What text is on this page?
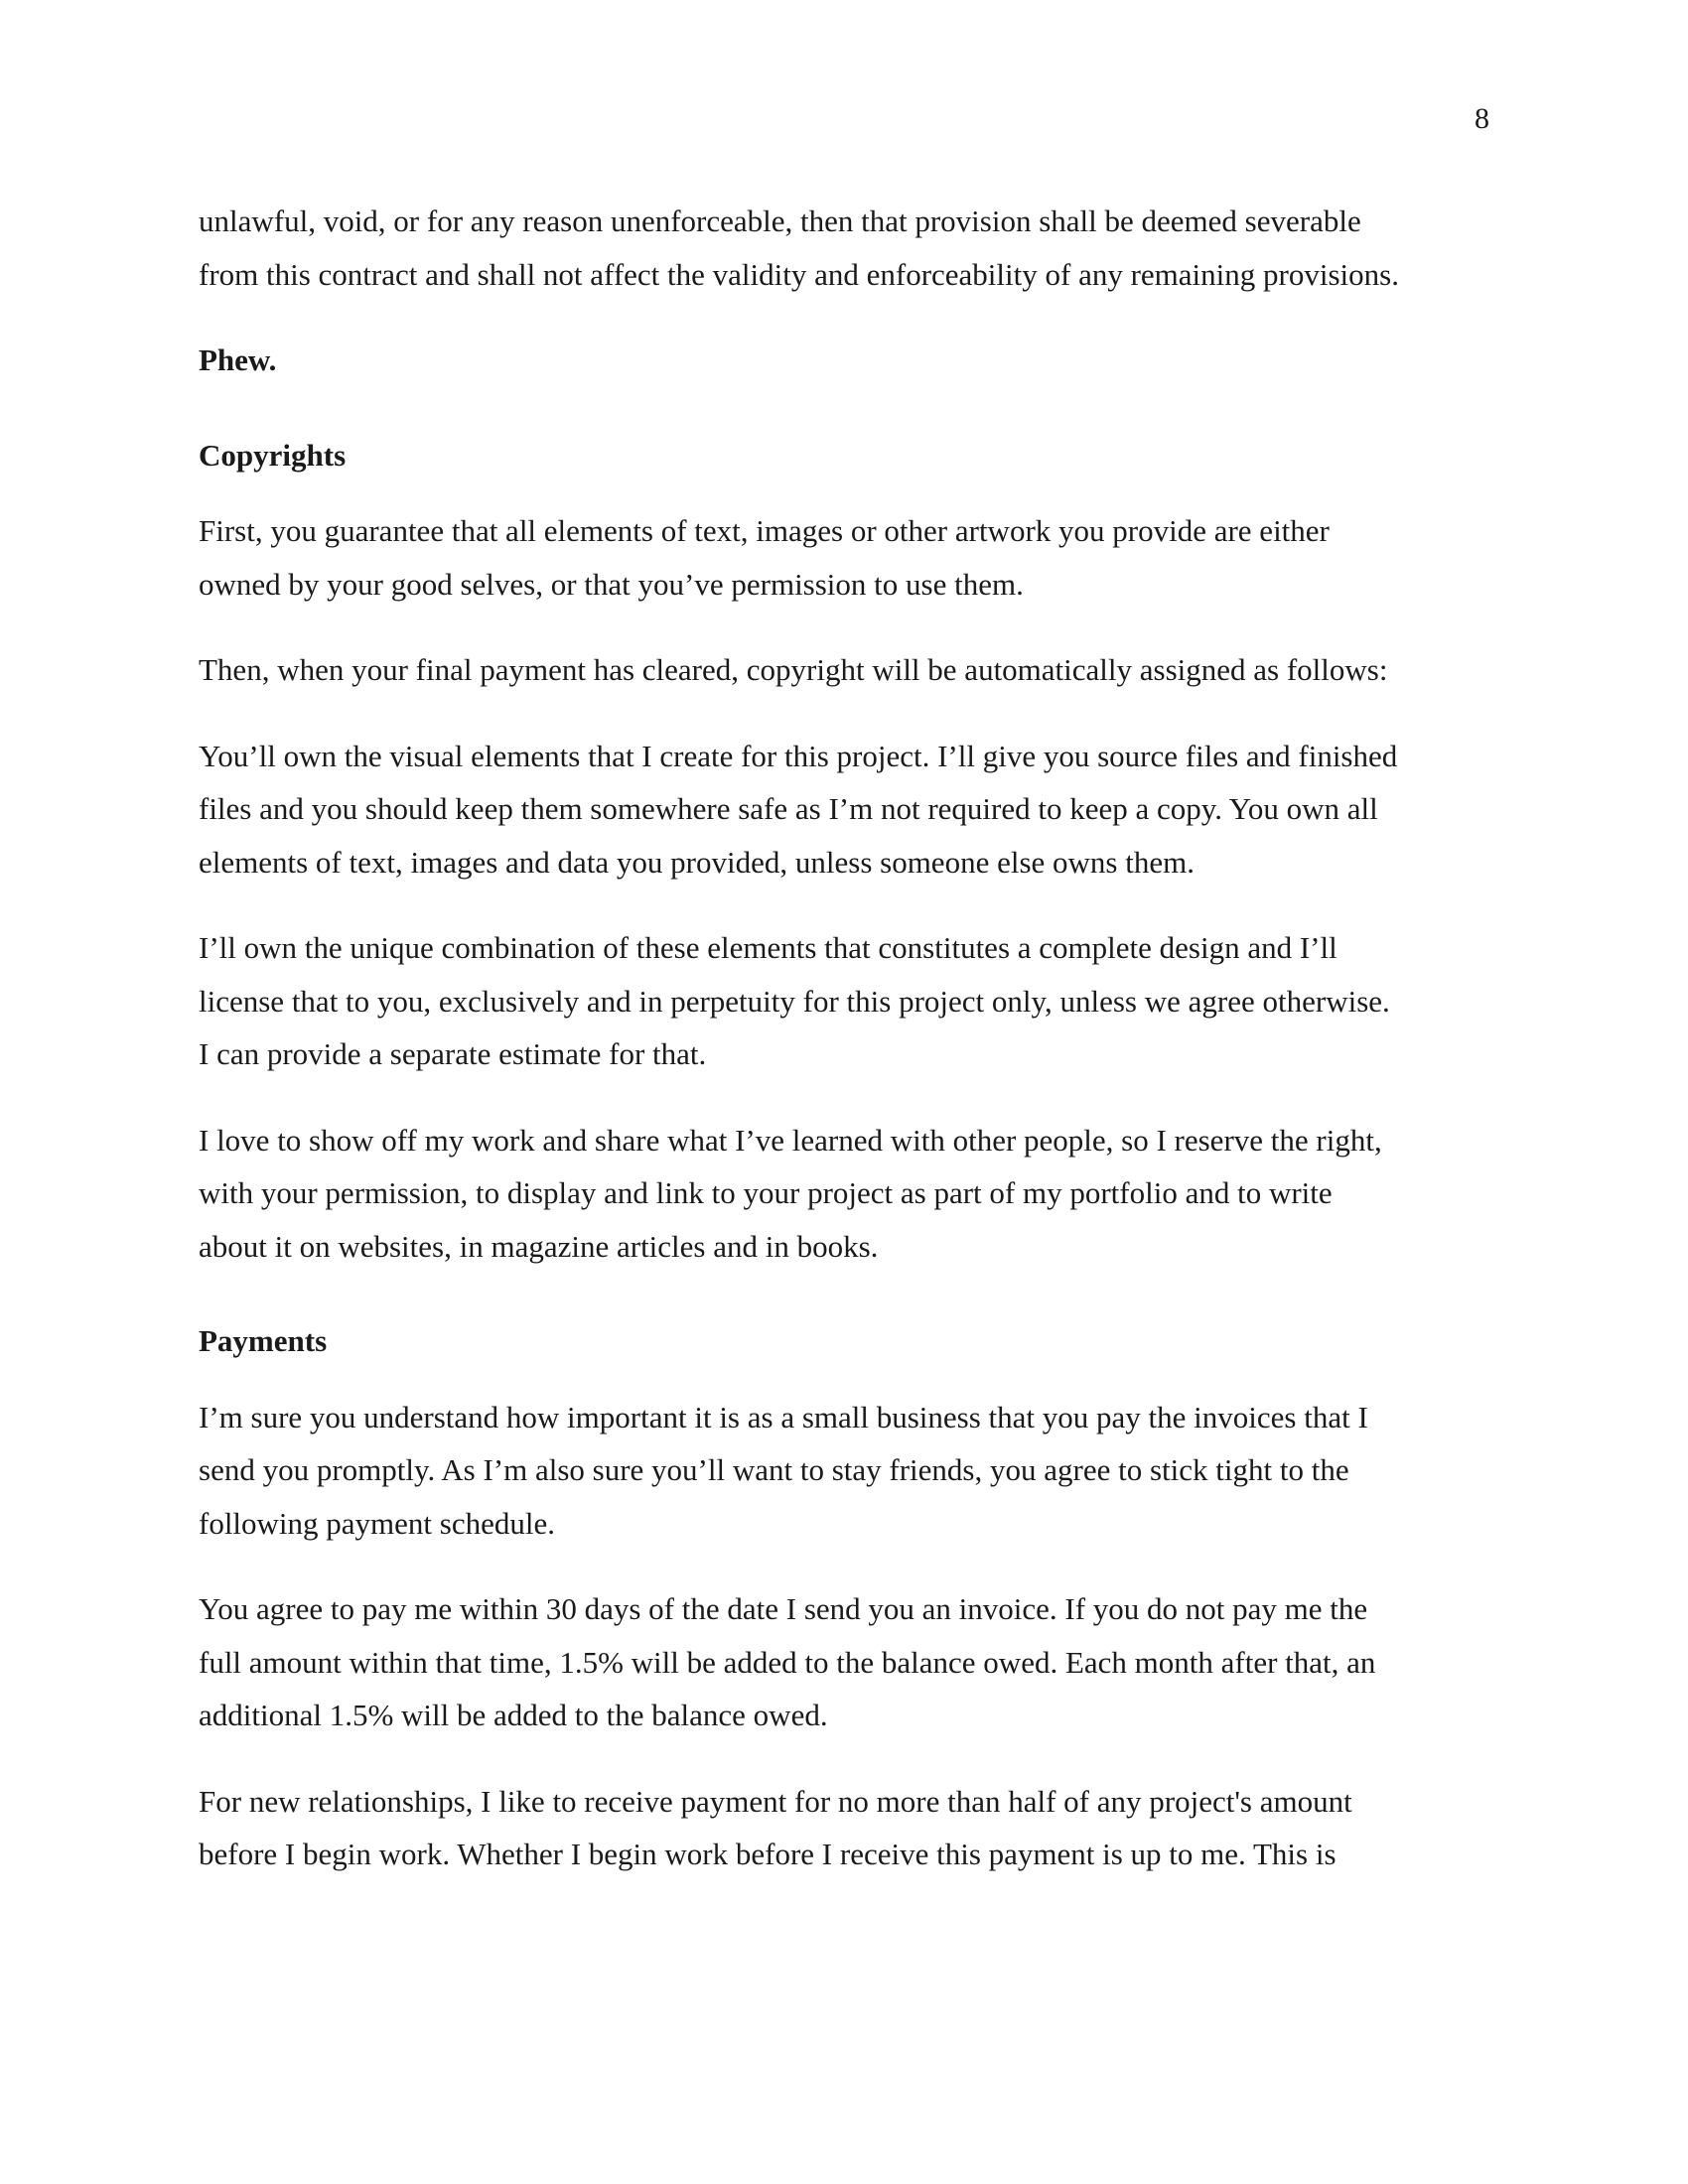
8

unlawful, void, or for any reason unenforceable, then that provision shall be deemed severable
from this contract and shall not affect the validity and enforceability of any remaining provisions.

Phew.

Copyrights

First, you guarantee that all elements of text, images or other artwork you provide are either
owned by your good selves, or that you’ve permission to use them.

Then, when your final payment has cleared, copyright will be automatically assigned as follows:

You’ll own the visual elements that I create for this project. I’ll give you source files and finished
files and you should keep them somewhere safe as I’m not required to keep a copy. You own all
elements of text, images and data you provided, unless someone else owns them.

I’ll own the unique combination of these elements that constitutes a complete design and I’ll
license that to you, exclusively and in perpetuity for this project only, unless we agree otherwise.
I can provide a separate estimate for that.

I love to show off my work and share what I’ve learned with other people, so I reserve the right,
with your permission, to display and link to your project as part of my portfolio and to write
about it on websites, in magazine articles and in books.

Payments

I’m sure you understand how important it is as a small business that you pay the invoices that I
send you promptly. As I’m also sure you’ll want to stay friends, you agree to stick tight to the
following payment schedule.

You agree to pay me within 30 days of the date I send you an invoice. If you do not pay me the
full amount within that time, 1.5% will be added to the balance owed. Each month after that, an
additional 1.5% will be added to the balance owed.

For new relationships, I like to receive payment for no more than half of any project's amount
before I begin work. Whether I begin work before I receive this payment is up to me. This is
